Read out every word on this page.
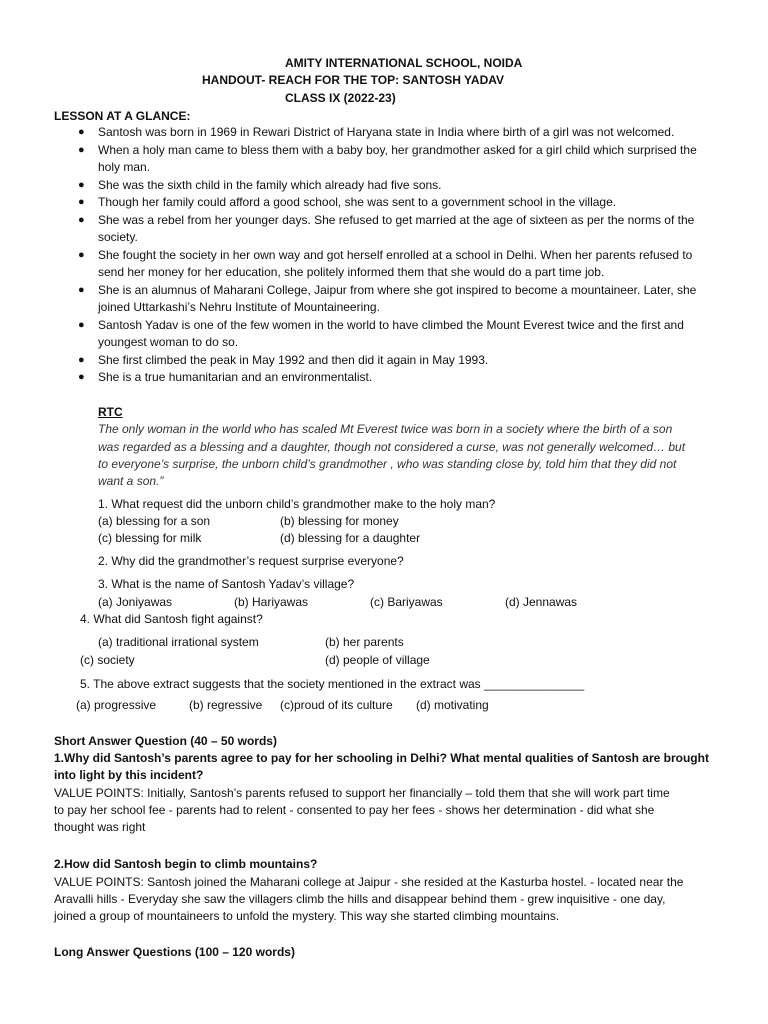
AMITY INTERNATIONAL SCHOOL, NOIDA
HANDOUT- REACH FOR THE TOP: SANTOSH YADAV
CLASS IX (2022-23)
LESSON AT A GLANCE:
● Santosh was born in 1969 in Rewari District of Haryana state in India where birth of a girl was not welcomed.
● When a holy man came to bless them with a baby boy, her grandmother asked for a girl child which surprised the holy man.
● She was the sixth child in the family which already had five sons.
● Though her family could afford a good school, she was sent to a government school in the village.
● She was a rebel from her younger days. She refused to get married at the age of sixteen as per the norms of the society.
● She fought the society in her own way and got herself enrolled at a school in Delhi. When her parents refused to send her money for her education, she politely informed them that she would do a part time job.
● She is an alumnus of Maharani College, Jaipur from where she got inspired to become a mountaineer. Later, she joined Uttarkashi’s Nehru Institute of Mountaineering.
● Santosh Yadav is one of the few women in the world to have climbed the Mount Everest twice and the first and youngest woman to do so.
● She first climbed the peak in May 1992 and then did it again in May 1993.
● She is a true humanitarian and an environmentalist.
RTC
The only woman in the world who has scaled Mt Everest twice was born in a society where the birth of a son
was regarded as a blessing and a daughter, though not considered a curse, was not generally welcomed… but
to everyone’s surprise, the unborn child’s grandmother , who was standing close by, told him that they did not
want a son.”
1. What request did the unborn child’s grandmother make to the holy man?
(a) blessing for a son	(b) blessing for money
(c) blessing for milk	(d) blessing for a daughter
2. Why did the grandmother’s request surprise everyone?
3. What is the name of Santosh Yadav’s village?
(a) Joniyawas	(b) Hariyawas	(c) Bariyawas	(d) Jennawas
4. What did Santosh fight against?
(a) traditional irrational system	(b) her parents
(c) society	(d) people of village
5. The above extract suggests that the society mentioned in the extract was _______________
(a) progressive	(b) regressive (c)proud of its culture (d) motivating
Short Answer Question (40 – 50 words)
1.Why did Santosh’s parents agree to pay for her schooling in Delhi? What mental qualities of Santosh are brought
into light by this incident?
VALUE POINTS: Initially, Santosh’s parents refused to support her financially – told them that she will work part time
to pay her school fee - parents had to relent - consented to pay her fees - shows her determination - did what she
thought was right
2.How did Santosh begin to climb mountains?
VALUE POINTS: Santosh joined the Maharani college at Jaipur - she resided at the Kasturba hostel. - located near the
Aravalli hills - Everyday she saw the villagers climb the hills and disappear behind them - grew inquisitive - one day,
joined a group of mountaineers to unfold the mystery. This way she started climbing mountains.
Long Answer Questions (100 – 120 words)
